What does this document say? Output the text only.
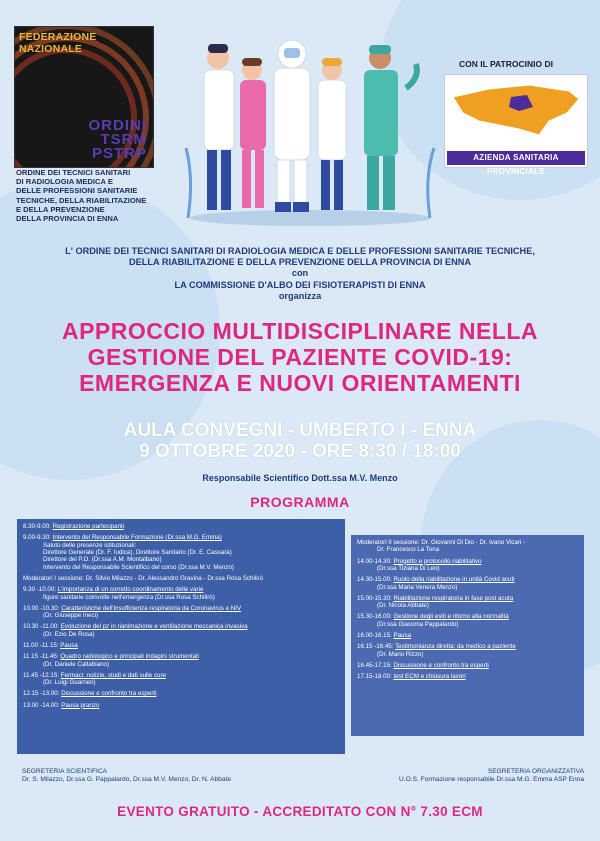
FEDERAZIONE NAZIONALE
ORDINI
TSRM
PSTRP
ORDINE DEI TECNICI SANITARI
DI RADIOLOGIA MEDICA E
DELLE PROFESSIONI SANITARIE
TECNICHE, DELLA RIABILITAZIONE
E DELLA PREVENZIONE
DELLA PROVINCIA DI ENNA
CON IL PATROCINIO DI
ASP
ENNA
AZIENDA SANITARIA PROVINCIALE
L' ORDINE DEI TECNICI SANITARI DI RADIOLOGIA MEDICA E DELLE PROFESSIONI SANITARIE TECNICHE,
DELLA RIABILITAZIONE E DELLA PREVENZIONE DELLA PROVINCIA DI ENNA
con
LA COMMISSIONE D'ALBO DEI FISIOTERAPISTI DI ENNA
organizza
APPROCCIO MULTIDISCIPLINARE NELLA
GESTIONE DEL PAZIENTE COVID-19:
EMERGENZA E NUOVI ORIENTAMENTI
AULA CONVEGNI - UMBERTO I - ENNA
9 OTTOBRE 2020 - ORE 8:30 / 18:00
Responsabile Scientifico Dott.ssa M.V. Menzo
PROGRAMMA
8.30-9.00: Registrazione partecipanti
9.00-9.30: Intervento del Responsabile Formazione (Dr.ssa M.G. Emma)
Saluto delle presenze istituzionali:
Direttore Generale (Dr. F. Iudica), Direttore Sanitario (Dr. E. Cassarà)
Direttore del P.O. (Dr.ssa A.M. Montalbano)
Intervento del Responsabile Scientifico del corso (Dr.ssa M.V. Menzo)
Moderatori I sessione: Dr. Silvio Milazzo - Dr. Alessandro Gravina - Dr.ssa Rosa Schilirò
9.30 -10.00: L'importanza di un corretto coordinamento delle varie
figure sanitarie coinvolte nell'emergenza (Dr.ssa Rosa Schilirò)
10.00 -10.30: Caratteristiche dell'insufficienza respiratoria da Coronavirus e NIV
(Dr. Giuseppe Ineci)
10.30 -11.00: Evoluzione del pz in rianimazione e ventilazione meccanica invasiva
(Dr. Ezio De Rosa)
11.00 -11.15: Pausa
11.15 -11.45: Quadro radiologico e principali indagini strumentali
(Dr. Daniele Caltabiano)
11.45 -12.15: Fermaci: notizie, studi e dati sulle cure
(Dr. Luigi Guarneri)
12.15 -13.00: Discussione e confronto tra esperti
13.00 -14.00: Pausa pranzo
Moderatori II sessione: Dr. Giovanni Di Dio - Dr. Ivano Vicari -
Dr. Francesco La Tona
14.00-14.30: Progetto e protocollo riabilitativo
(Dr.ssa Tiziana Di Leo)
14.30-15.00: Ruolo della riabilitazione in unità Covid acuti
(Dr.ssa Maria Venera Menzo)
15.00-15.30: Riabilitazione respiratoria in fase post acuta
(Dr. Nicola Abbate)
15.30-16.00: Gestione degli esiti e ritorno alla normalità
(Dr.ssa Giacoma Pappalardo)
16.00-16.15: Pausa
16.15 -16.45: Testimonianza diretta: da medico a paziente
(Dr. Mario Rizzo)
16.45-17.15: Discussione e confronto tra esperti
17.15-18.00: test ECM e chiusura lavori
SEGRETERIA SCIENTIFICA
Dr. S. Milazzo, Dr.ssa G. Pappalardo, Dr.ssa M.V. Menzo, Dr. N. Abbate
SEGRETERIA ORGANIZZATIVA
U.O.S. Formazione responsabile Dr.ssa M.G. Emma ASP Enna
EVENTO GRATUITO - ACCREDITATO CON N° 7.30 ECM
